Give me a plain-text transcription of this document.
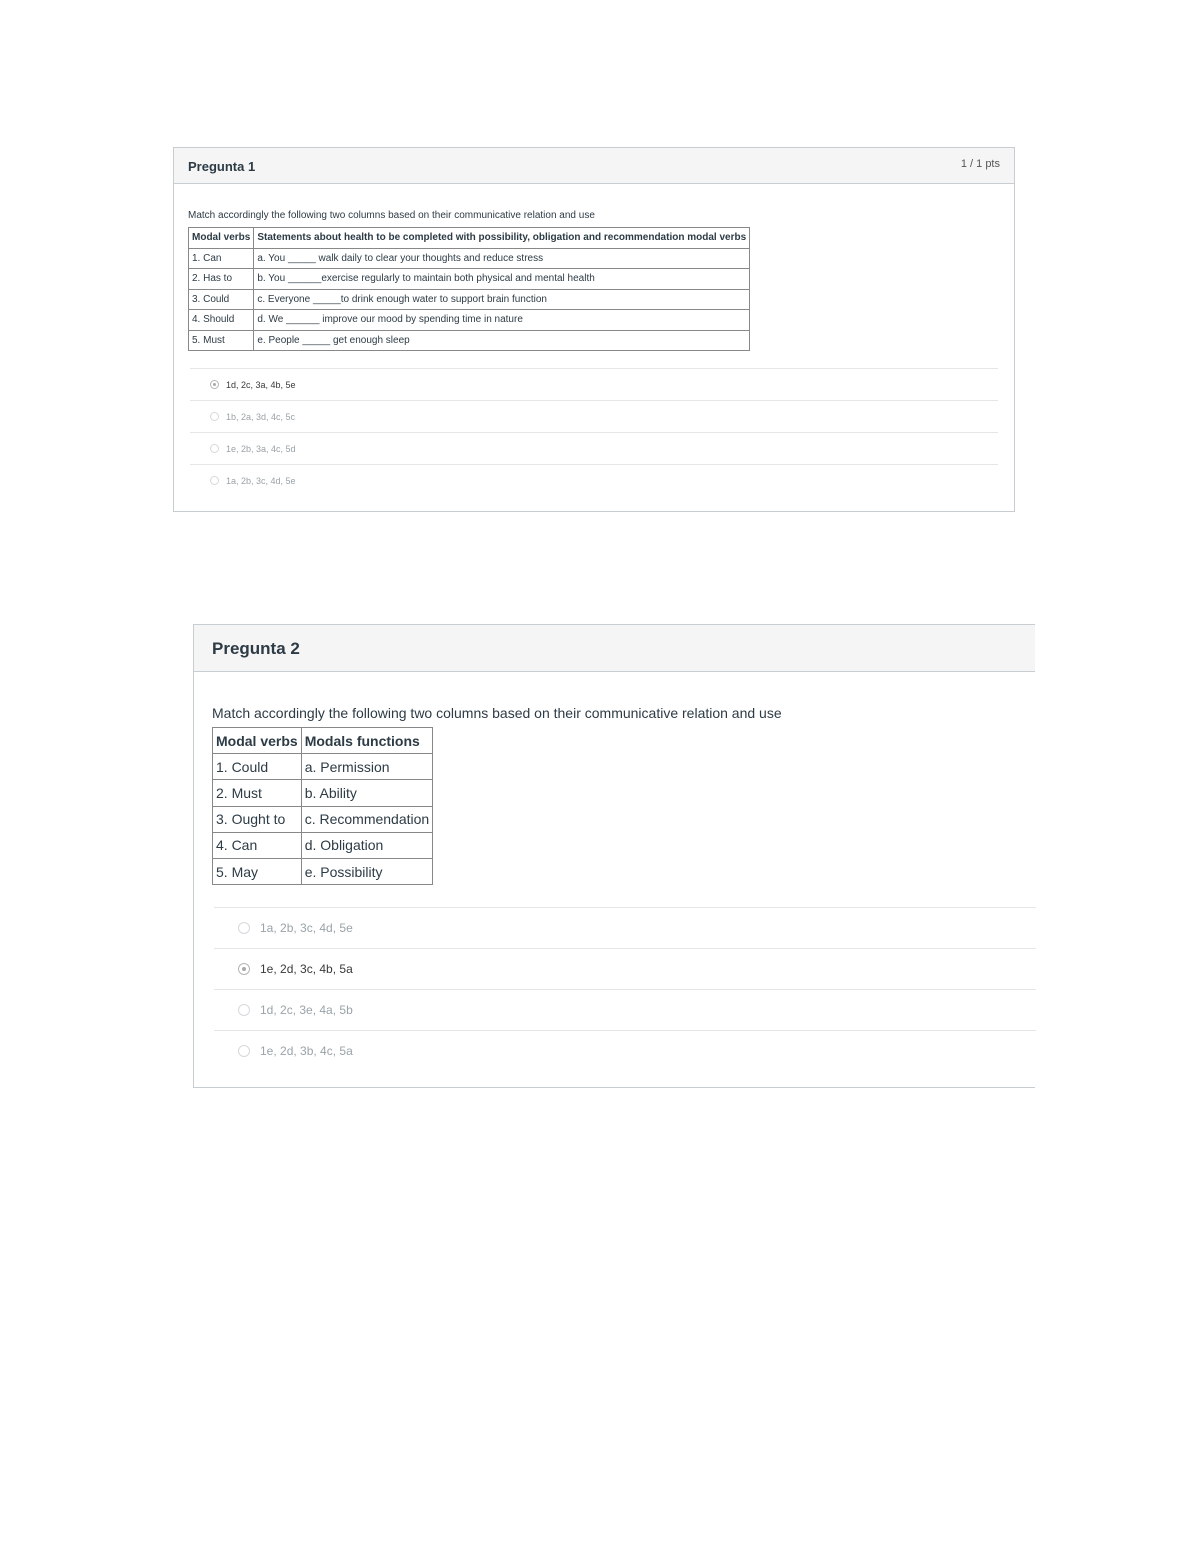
Pregunta 1	1 / 1 pts
Match accordingly the following two columns based on their communicative relation and use
Modal verbs	Statements about health to be completed with possibility, obligation and recommendation modal verbs
1. Can	a. You _____ walk daily to clear your thoughts and reduce stress
2. Has to	b. You ______exercise regularly to maintain both physical and mental health
3. Could	c. Everyone _____to drink enough water to support brain function
4. Should	d. We ______ improve our mood by spending time in nature
5. Must	e. People _____ get enough sleep
1d, 2c, 3a, 4b, 5e
1b, 2a, 3d, 4c, 5c
1e, 2b, 3a, 4c, 5d
1a, 2b, 3c, 4d, 5e
Pregunta 2
Match accordingly the following two columns based on their communicative relation and use
Modal verbs	Modals functions
1. Could	a. Permission
2. Must	b. Ability
3. Ought to	c. Recommendation
4. Can	d. Obligation
5. May	e. Possibility
1a, 2b, 3c, 4d, 5e
1e, 2d, 3c, 4b, 5a
1d, 2c, 3e, 4a, 5b
1e, 2d, 3b, 4c, 5a
